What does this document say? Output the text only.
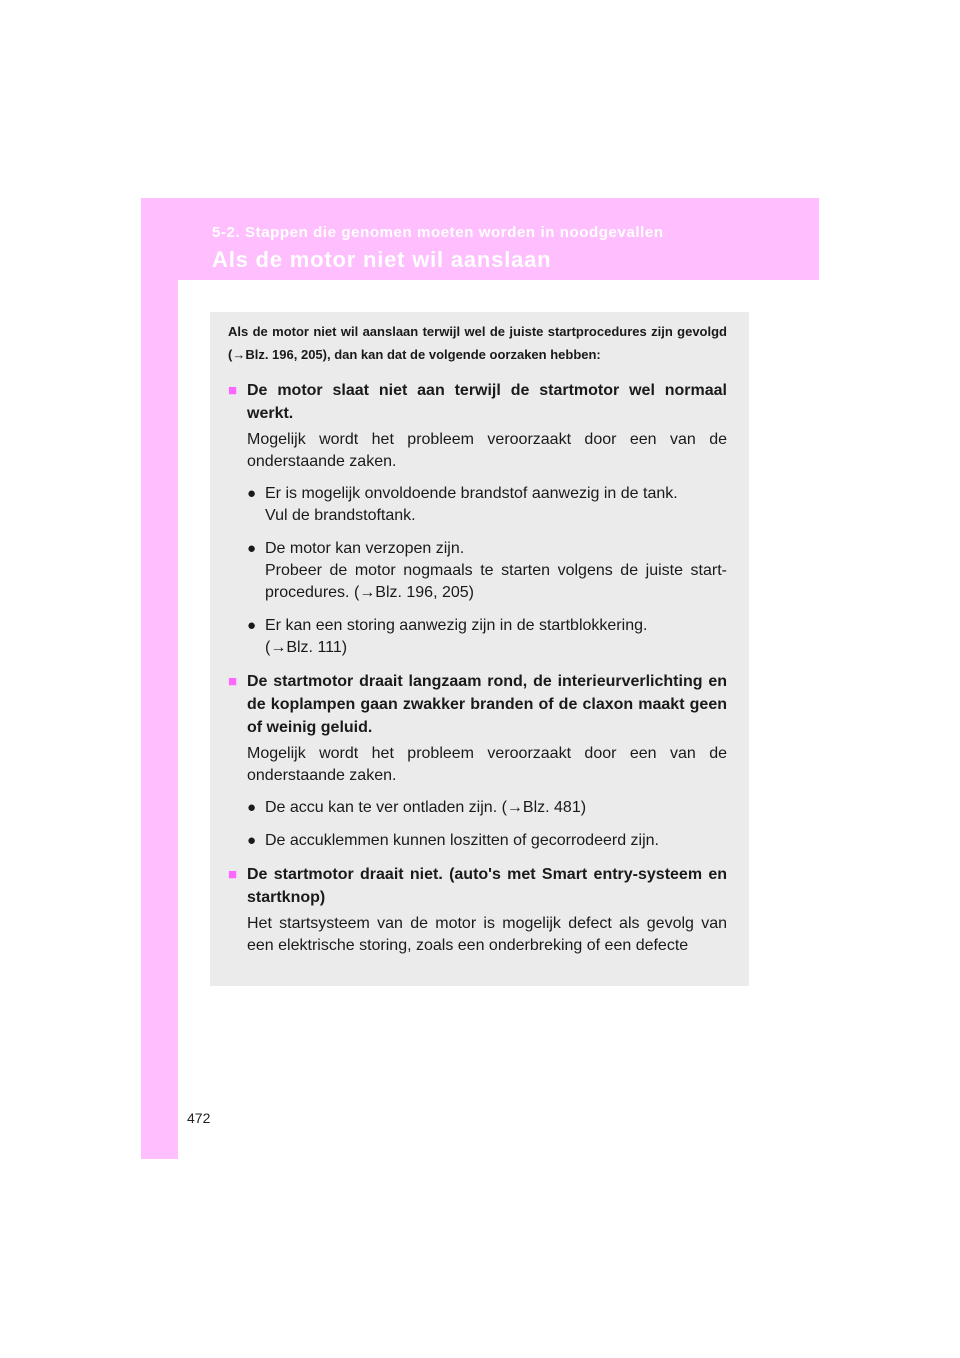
5-2. Stappen die genomen moeten worden in noodgevallen
Als de motor niet wil aanslaan
Als de motor niet wil aanslaan terwijl wel de juiste startprocedures zijn gevolgd (→Blz. 196, 205), dan kan dat de volgende oorzaken hebben:
■ De motor slaat niet aan terwijl de startmotor wel normaal werkt.
Mogelijk wordt het probleem veroorzaakt door een van de onderstaande zaken.
● Er is mogelijk onvoldoende brandstof aanwezig in de tank.
Vul de brandstoftank.
● De motor kan verzopen zijn.
Probeer de motor nogmaals te starten volgens de juiste start-procedures. (→Blz. 196, 205)
● Er kan een storing aanwezig zijn in de startblokkering.
(→Blz. 111)
■ De startmotor draait langzaam rond, de interieurverlichting en de koplampen gaan zwakker branden of de claxon maakt geen of weinig geluid.
Mogelijk wordt het probleem veroorzaakt door een van de onderstaande zaken.
● De accu kan te ver ontladen zijn. (→Blz. 481)
● De accuklemmen kunnen loszitten of gecorrodeerd zijn.
■ De startmotor draait niet. (auto's met Smart entry-systeem en startknop)
Het startsysteem van de motor is mogelijk defect als gevolg van een elektrische storing, zoals een onderbreking of een defecte
472
